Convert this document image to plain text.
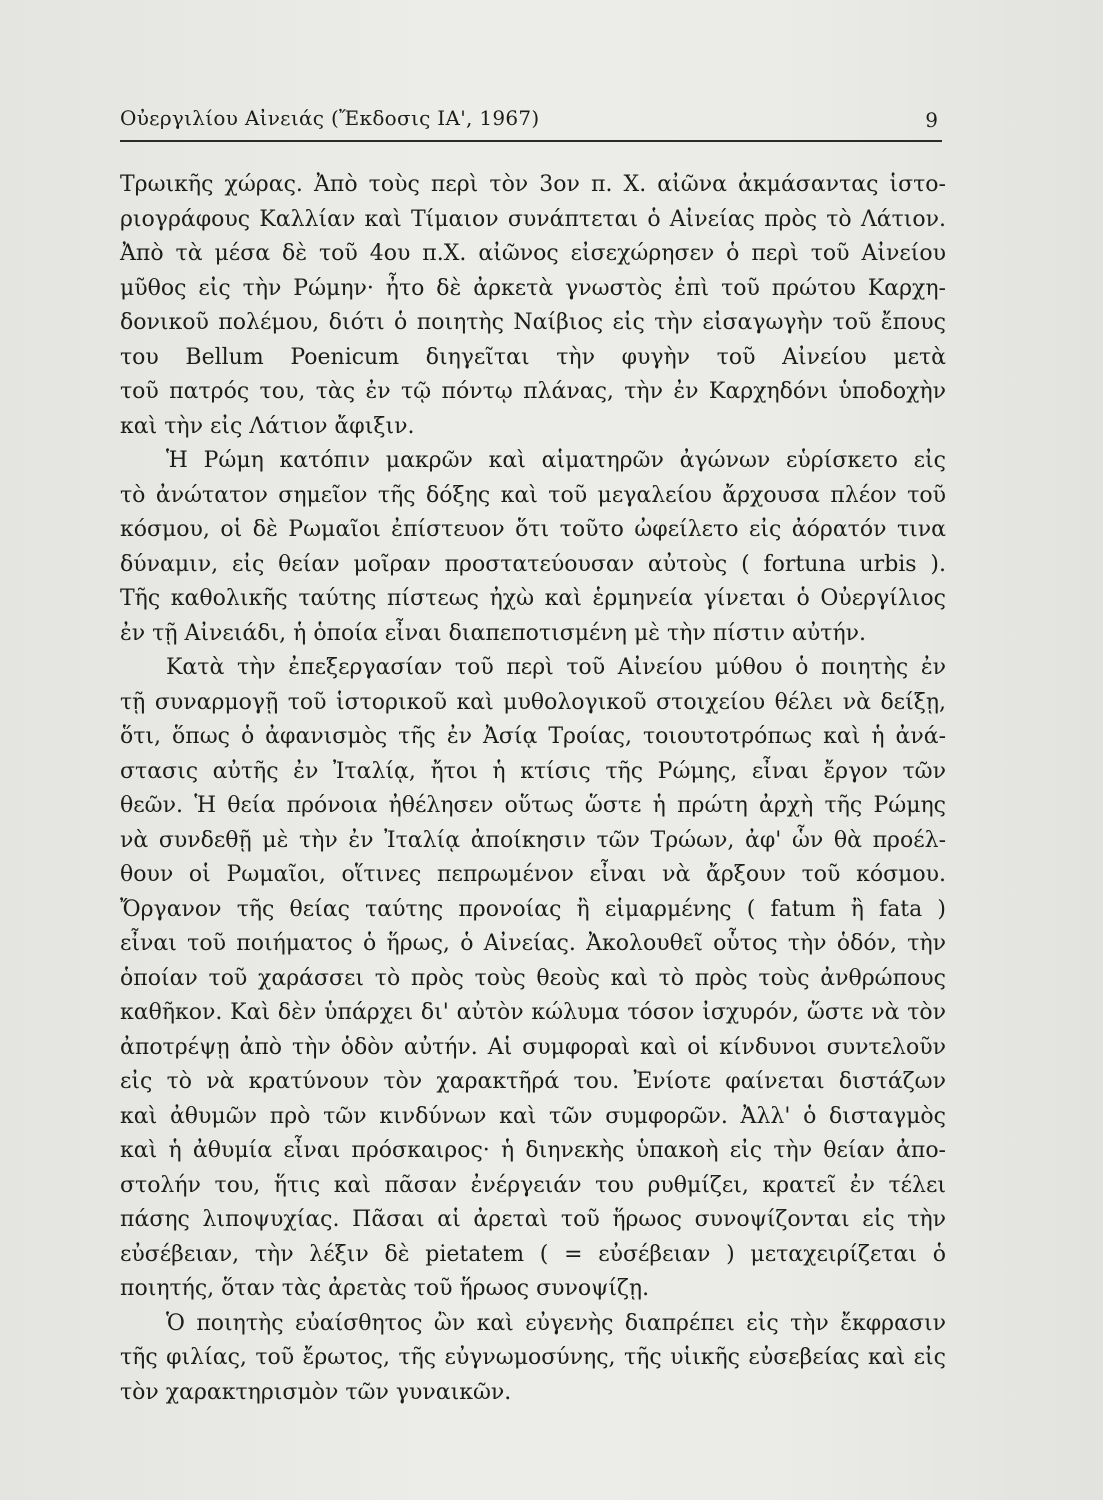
Οὐεργιλίου Αἰνειάς (Ἔκδοσις ΙΑ', 1967)	9
Τρωικῆς χώρας. Ἀπὸ τοὺς περὶ τὸν 3ον π. Χ. αἰῶνα ἀκμάσαντας ἱστο-
ριογράφους Καλλίαν καὶ Τίμαιον συνάπτεται ὁ Αἰνείας πρὸς τὸ Λάτιον.
Ἀπὸ τὰ μέσα δὲ τοῦ 4ου π.Χ. αἰῶνος εἰσεχώρησεν ὁ περὶ τοῦ Αἰνείου
μῦθος εἰς τὴν Ρώμην· ἦτο δὲ ἀρκετὰ γνωστὸς ἐπὶ τοῦ πρώτου Καρχη-
δονικοῦ πολέμου, διότι ὁ ποιητὴς Ναίβιος εἰς τὴν εἰσαγωγὴν τοῦ ἔπους
του Bellum Poenicum διηγεῖται τὴν φυγὴν τοῦ Αἰνείου μετὰ
τοῦ πατρός του, τὰς ἐν τῷ πόντῳ πλάνας, τὴν ἐν Καρχηδόνι ὑποδοχὴν
καὶ τὴν εἰς Λάτιον ἄφιξιν.
Ἡ Ρώμη κατόπιν μακρῶν καὶ αἱματηρῶν ἀγώνων εὑρίσκετο εἰς
τὸ ἀνώτατον σημεῖον τῆς δόξης καὶ τοῦ μεγαλείου ἄρχουσα πλέον τοῦ
κόσμου, οἱ δὲ Ρωμαῖοι ἐπίστευον ὅτι τοῦτο ὠφείλετο εἰς ἀόρατόν τινα
δύναμιν, εἰς θείαν μοῖραν προστατεύουσαν αὐτοὺς ( fortuna urbis ).
Τῆς καθολικῆς ταύτης πίστεως ἠχὼ καὶ ἑρμηνεία γίνεται ὁ Οὐεργίλιος
ἐν τῇ Αἰνειάδι, ἡ ὁποία εἶναι διαπεποτισμένη μὲ τὴν πίστιν αὐτήν.
Κατὰ τὴν ἐπεξεργασίαν τοῦ περὶ τοῦ Αἰνείου μύθου ὁ ποιητὴς ἐν
τῇ συναρμογῇ τοῦ ἱστορικοῦ καὶ μυθολογικοῦ στοιχείου θέλει νὰ δείξῃ,
ὅτι, ὅπως ὁ ἀφανισμὸς τῆς ἐν Ἀσίᾳ Τροίας, τοιουτοτρόπως καὶ ἡ ἀνά-
στασις αὐτῆς ἐν Ἰταλίᾳ, ἤτοι ἡ κτίσις τῆς Ρώμης, εἶναι ἔργον τῶν
θεῶν. Ἡ θεία πρόνοια ἠθέλησεν οὕτως ὥστε ἡ πρώτη ἀρχὴ τῆς Ρώμης
νὰ συνδεθῇ μὲ τὴν ἐν Ἰταλίᾳ ἀποίκησιν τῶν Τρώων, ἀφ' ὧν θὰ προέλ-
θουν οἱ Ρωμαῖοι, οἵτινες πεπρωμένον εἶναι νὰ ἄρξουν τοῦ κόσμου.
Ὄργανον τῆς θείας ταύτης προνοίας ἢ εἱμαρμένης ( fatum ἢ fata )
εἶναι τοῦ ποιήματος ὁ ἥρως, ὁ Αἰνείας. Ἀκολουθεῖ οὗτος τὴν ὁδόν, τὴν
ὁποίαν τοῦ χαράσσει τὸ πρὸς τοὺς θεοὺς καὶ τὸ πρὸς τοὺς ἀνθρώπους
καθῆκον. Καὶ δὲν ὑπάρχει δι' αὐτὸν κώλυμα τόσον ἰσχυρόν, ὥστε νὰ τὸν
ἀποτρέψῃ ἀπὸ τὴν ὁδὸν αὐτήν. Αἱ συμφοραὶ καὶ οἱ κίνδυνοι συντελοῦν
εἰς τὸ νὰ κρατύνουν τὸν χαρακτῆρά του. Ἐνίοτε φαίνεται διστάζων
καὶ ἀθυμῶν πρὸ τῶν κινδύνων καὶ τῶν συμφορῶν. Ἀλλ' ὁ δισταγμὸς
καὶ ἡ ἀθυμία εἶναι πρόσκαιρος· ἡ διηνεκὴς ὑπακοὴ εἰς τὴν θείαν ἀπο-
στολήν του, ἥτις καὶ πᾶσαν ἐνέργειάν του ρυθμίζει, κρατεῖ ἐν τέλει
πάσης λιποψυχίας. Πᾶσαι αἱ ἀρεταὶ τοῦ ἥρωος συνοψίζονται εἰς τὴν
εὐσέβειαν, τὴν λέξιν δὲ pietatem ( = εὐσέβειαν ) μεταχειρίζεται ὁ
ποιητής, ὅταν τὰς ἀρετὰς τοῦ ἥρωος συνοψίζῃ.
Ὁ ποιητὴς εὐαίσθητος ὢν καὶ εὐγενὴς διαπρέπει εἰς τὴν ἔκφρασιν
τῆς φιλίας, τοῦ ἔρωτος, τῆς εὐγνωμοσύνης, τῆς υἱικῆς εὐσεβείας καὶ εἰς
τὸν χαρακτηρισμὸν τῶν γυναικῶν.
